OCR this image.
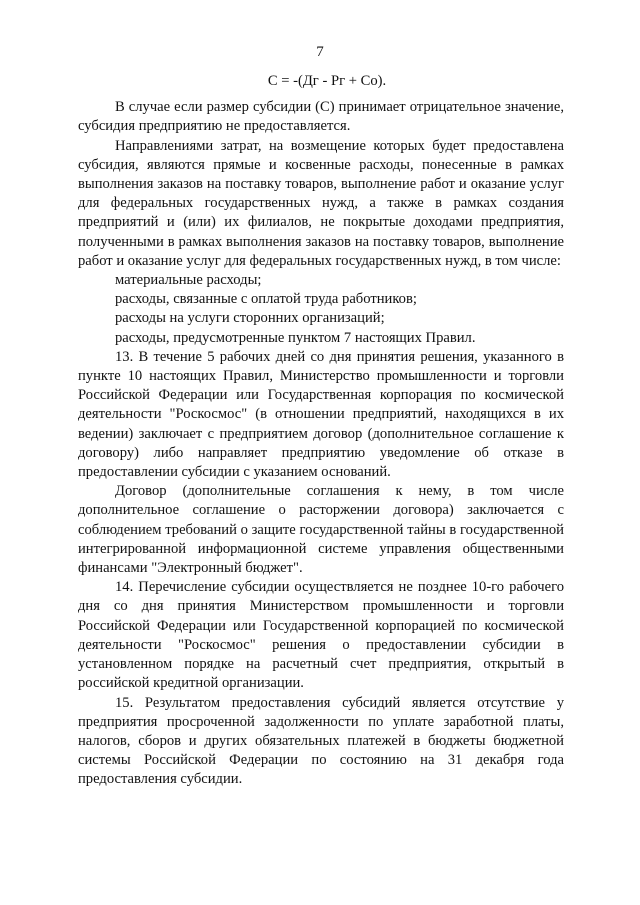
7

С = -(Дг - Рг + Со).

В случае если размер субсидии (С) принимает отрицательное значение, субсидия предприятию не предоставляется.

Направлениями затрат, на возмещение которых будет предоставлена субсидия, являются прямые и косвенные расходы, понесенные в рамках выполнения заказов на поставку товаров, выполнение работ и оказание услуг для федеральных государственных нужд, а также в рамках создания предприятий и (или) их филиалов, не покрытые доходами предприятия, полученными в рамках выполнения заказов на поставку товаров, выполнение работ и оказание услуг для федеральных государственных нужд, в том числе:

материальные расходы;

расходы, связанные с оплатой труда работников;

расходы на услуги сторонних организаций;

расходы, предусмотренные пунктом 7 настоящих Правил.

13. В течение 5 рабочих дней со дня принятия решения, указанного в пункте 10 настоящих Правил, Министерство промышленности и торговли Российской Федерации или Государственная корпорация по космической деятельности "Роскосмос" (в отношении предприятий, находящихся в их ведении) заключает с предприятием договор (дополнительное соглашение к договору) либо направляет предприятию уведомление об отказе в предоставлении субсидии с указанием оснований.

Договор (дополнительные соглашения к нему, в том числе дополнительное соглашение о расторжении договора) заключается с соблюдением требований о защите государственной тайны в государственной интегрированной информационной системе управления общественными финансами "Электронный бюджет".

14. Перечисление субсидии осуществляется не позднее 10-го рабочего дня со дня принятия Министерством промышленности и торговли Российской Федерации или Государственной корпорацией по космической деятельности "Роскосмос" решения о предоставлении субсидии в установленном порядке на расчетный счет предприятия, открытый в российской кредитной организации.

15. Результатом предоставления субсидий является отсутствие у предприятия просроченной задолженности по уплате заработной платы, налогов, сборов и других обязательных платежей в бюджеты бюджетной системы Российской Федерации по состоянию на 31 декабря года предоставления субсидии.
